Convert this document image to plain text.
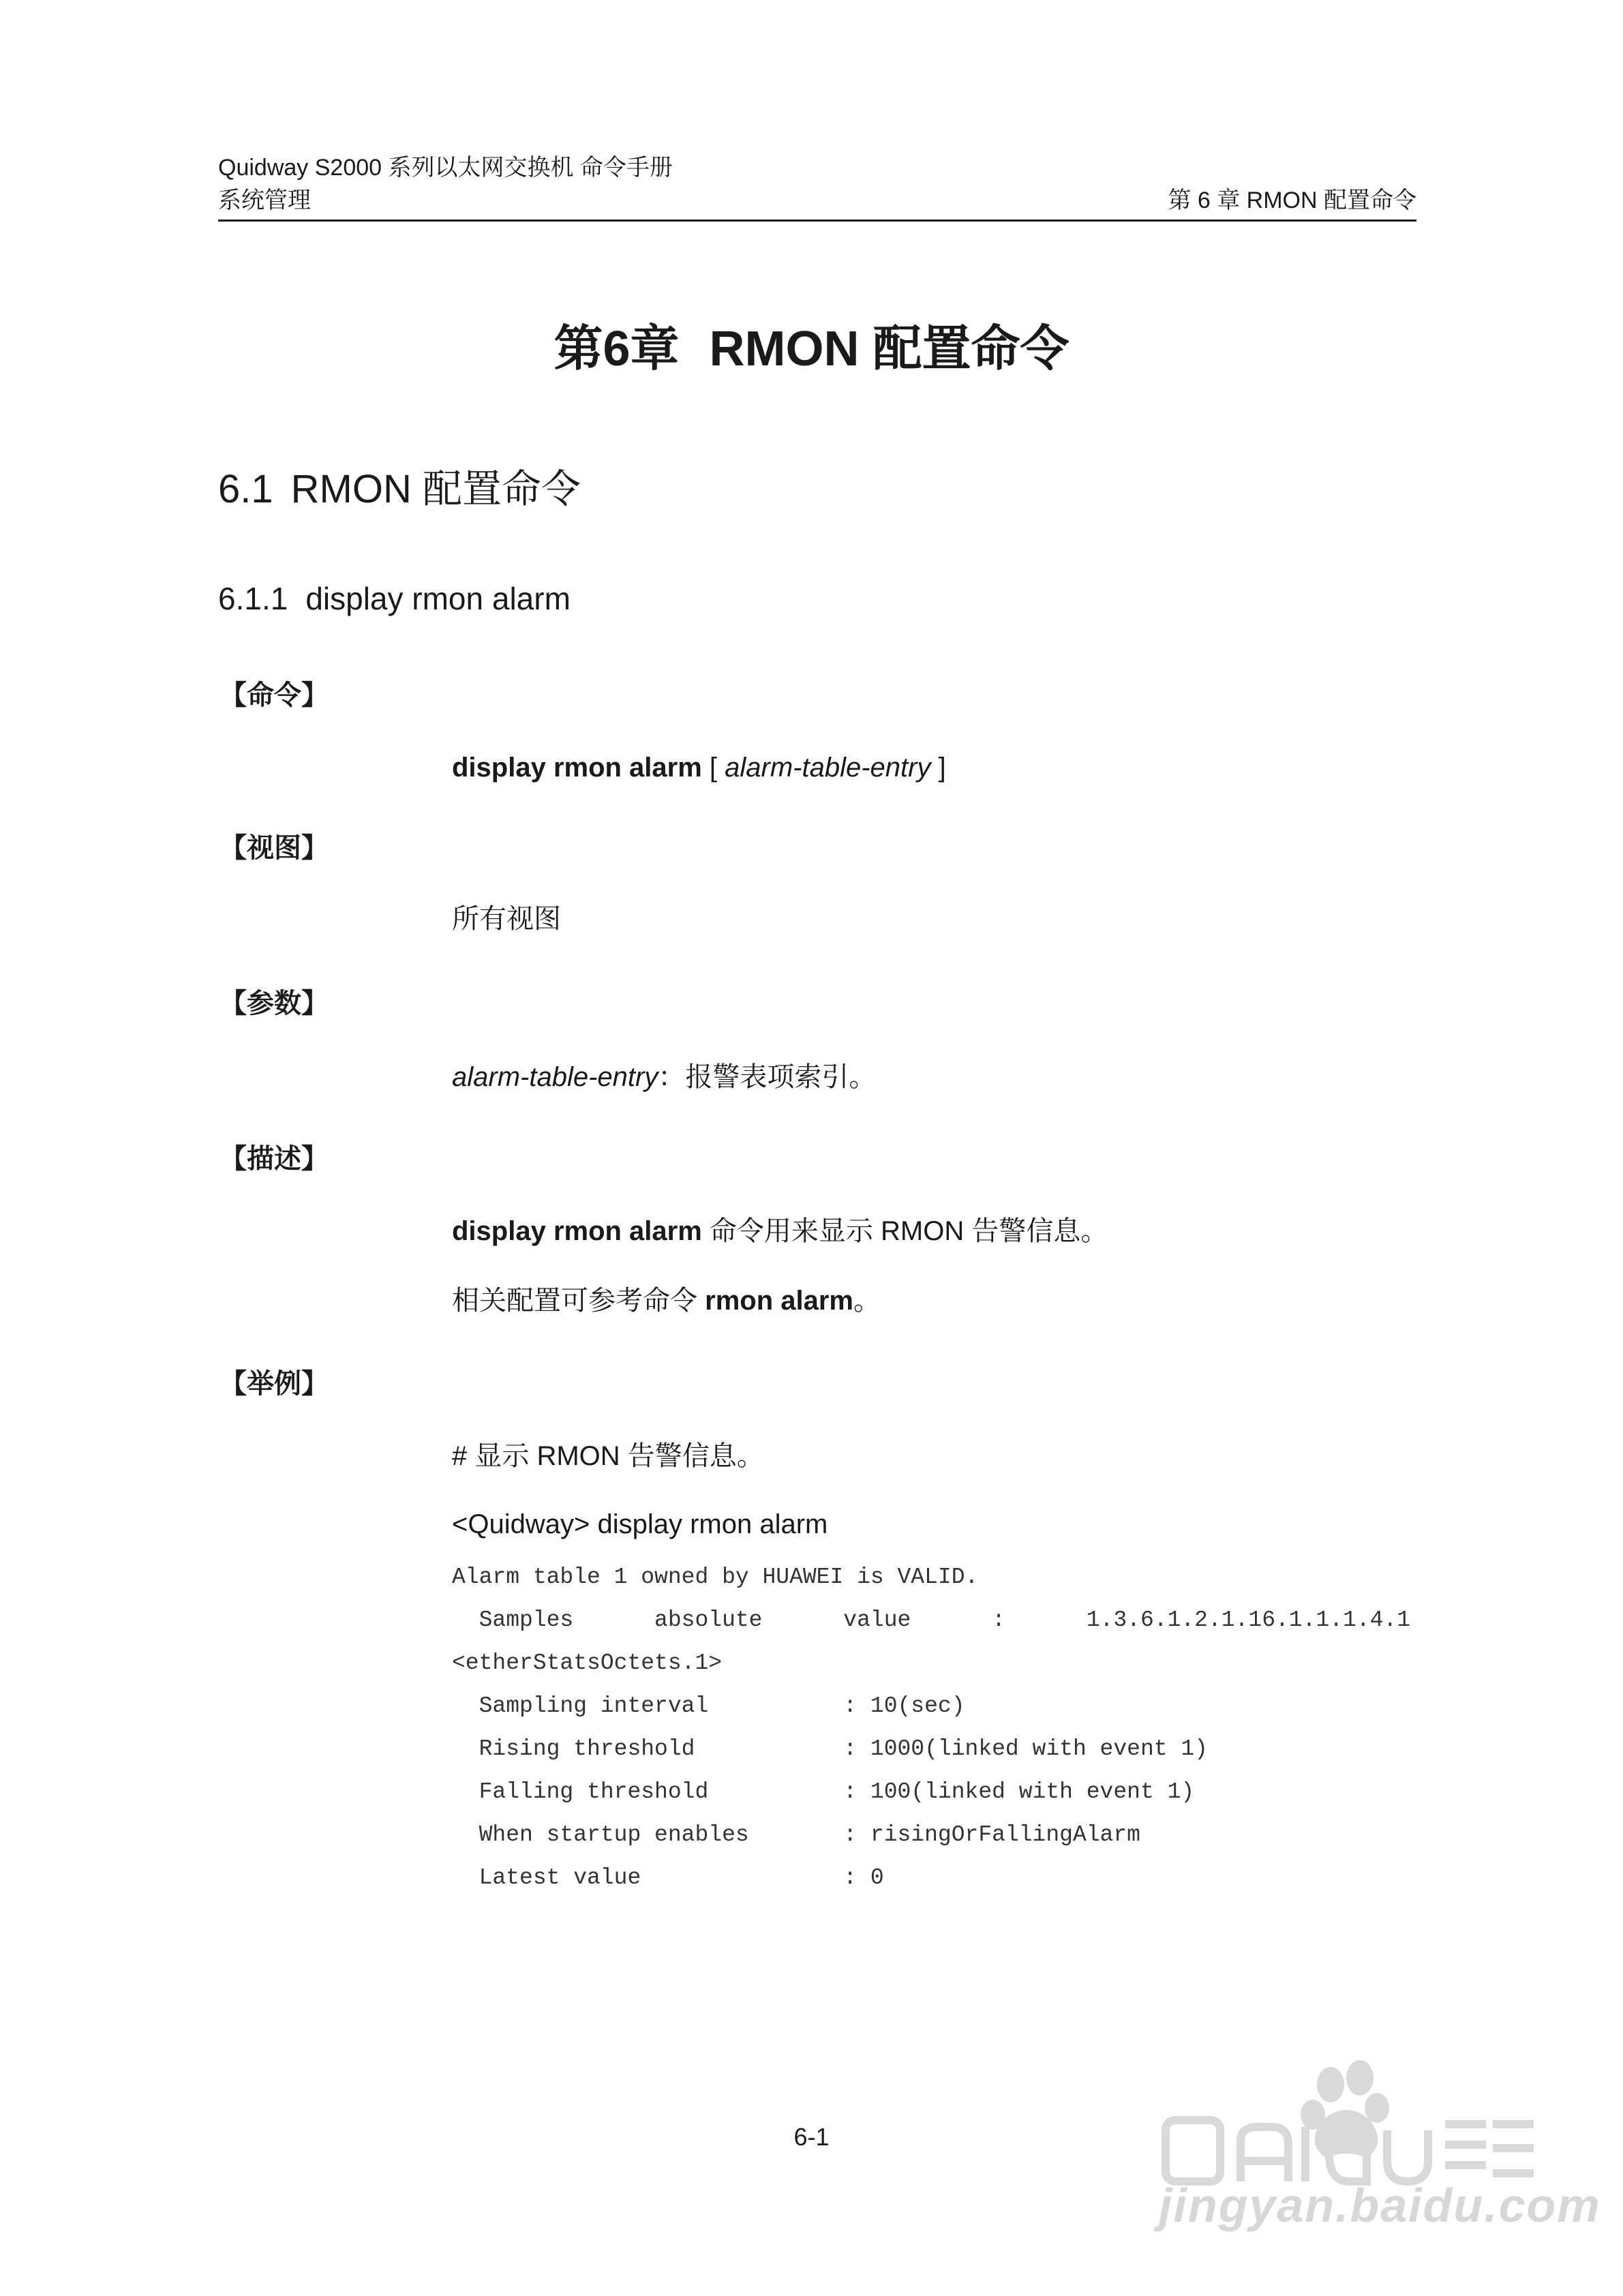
Quidway S2000 系列以太网交换机 命令手册
系统管理	第 6 章 RMON 配置命令
第6章 RMON 配置命令
6.1 RMON 配置命令
6.1.1 display rmon alarm
【命令】
display rmon alarm [ alarm-table-entry ]
【视图】
所有视图
【参数】
alarm-table-entry：报警表项索引。
【描述】
display rmon alarm 命令用来显示 RMON 告警信息。
相关配置可参考命令 rmon alarm。
【举例】
# 显示 RMON 告警信息。
<Quidway> display rmon alarm
Alarm table 1 owned by HUAWEI is VALID.
Samples      absolute      value      :      1.3.6.1.2.1.16.1.1.1.4.1
<etherStatsOctets.1>
Sampling interval          : 10(sec)
Rising threshold           : 1000(linked with event 1)
Falling threshold          : 100(linked with event 1)
When startup enables       : risingOrFallingAlarm
Latest value               : 0
6-1
jingyan.baidu.com
